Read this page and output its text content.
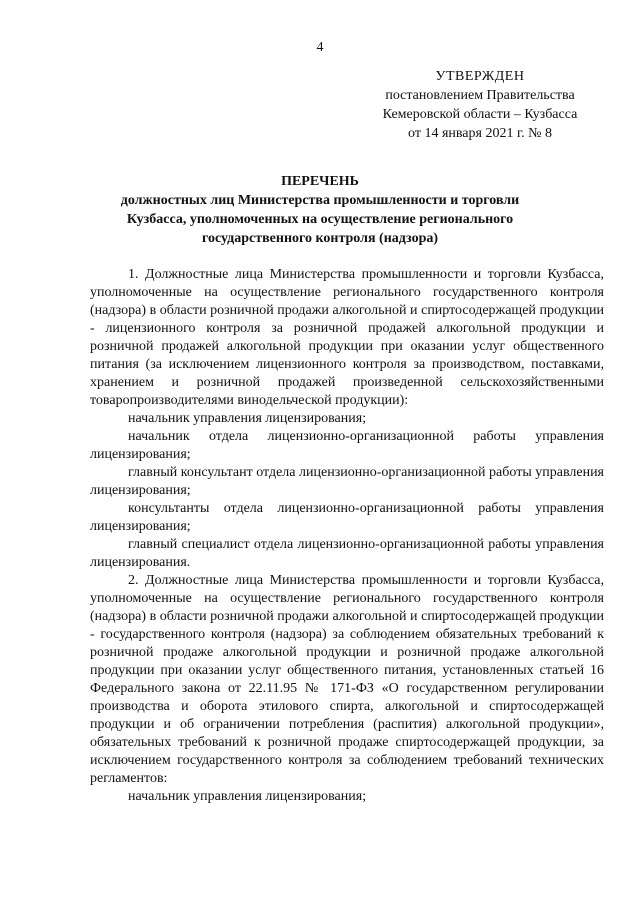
4
УТВЕРЖДЕН
постановлением Правительства
Кемеровской области – Кузбасса
от 14 января 2021 г. № 8
ПЕРЕЧЕНЬ
должностных лиц Министерства промышленности и торговли Кузбасса, уполномоченных на осуществление регионального государственного контроля (надзора)

1. Должностные лица Министерства промышленности и торговли Кузбасса, уполномоченные на осуществление регионального государственного контроля (надзора) в области розничной продажи алкогольной и спиртосодержащей продукции - лицензионного контроля за розничной продажей алкогольной продукции и розничной продажей алкогольной продукции при оказании услуг общественного питания (за исключением лицензионного контроля за производством, поставками, хранением и розничной продажей произведенной сельскохозяйственными товаропроизводителями винодельческой продукции):

начальник управления лицензирования;

начальник отдела лицензионно-организационной работы управления лицензирования;

главный консультант отдела лицензионно-организационной работы управления лицензирования;

консультанты отдела лицензионно-организационной работы управления лицензирования;

главный специалист отдела лицензионно-организационной работы управления лицензирования.

2. Должностные лица Министерства промышленности и торговли Кузбасса, уполномоченные на осуществление регионального государственного контроля (надзора) в области розничной продажи алкогольной и спиртосодержащей продукции - государственного контроля (надзора) за соблюдением обязательных требований к розничной продаже алкогольной продукции и розничной продаже алкогольной продукции при оказании услуг общественного питания, установленных статьей 16 Федерального закона от 22.11.95 № 171-ФЗ «О государственном регулировании производства и оборота этилового спирта, алкогольной и спиртосодержащей продукции и об ограничении потребления (распития) алкогольной продукции», обязательных требований к розничной продаже спиртосодержащей продукции, за исключением государственного контроля за соблюдением требований технических регламентов:

начальник управления лицензирования;
